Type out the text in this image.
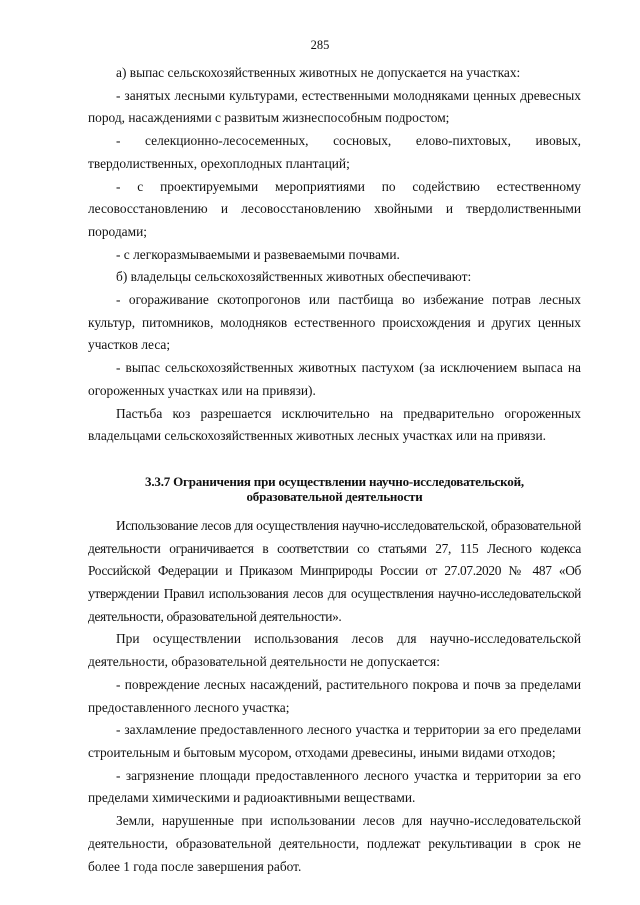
285

а) выпас сельскохозяйственных животных не допускается на участках:

- занятых лесными культурами, естественными молодняками ценных древесных пород, насаждениями с развитым жизнеспособным подростом;

- селекционно-лесосеменных, сосновых, елово-пихтовых, ивовых, твердолиственных, орехоплодных плантаций;

- с проектируемыми мероприятиями по содействию естественному лесовосстановлению и лесовосстановлению хвойными и твердолиственными породами;

- с легкоразмываемыми и развеваемыми почвами.

б) владельцы сельскохозяйственных животных обеспечивают:

- огораживание скотопрогонов или пастбища во избежание потрав лесных культур, питомников, молодняков естественного происхождения и других ценных участков леса;

- выпас сельскохозяйственных животных пастухом (за исключением выпаса на огороженных участках или на привязи).

Пастьба коз разрешается исключительно на предварительно огороженных владельцами сельскохозяйственных животных лесных участках или на привязи.

3.3.7 Ограничения при осуществлении научно-исследовательской,
образовательной деятельности

Использование лесов для осуществления научно-исследовательской, образовательной деятельности ограничивается в соответствии со статьями 27, 115 Лесного кодекса Российской Федерации и Приказом Минприроды России от 27.07.2020 № 487 «Об утверждении Правил использования лесов для осуществления научно-исследовательской деятельности, образовательной деятельности».

При осуществлении использования лесов для научно-исследовательской деятельности, образовательной деятельности не допускается:

- повреждение лесных насаждений, растительного покрова и почв за пределами предоставленного лесного участка;

- захламление предоставленного лесного участка и территории за его пределами строительным и бытовым мусором, отходами древесины, иными видами отходов;

- загрязнение площади предоставленного лесного участка и территории за его пределами химическими и радиоактивными веществами.

Земли, нарушенные при использовании лесов для научно-исследовательской деятельности, образовательной деятельности, подлежат рекультивации в срок не более 1 года после завершения работ.
